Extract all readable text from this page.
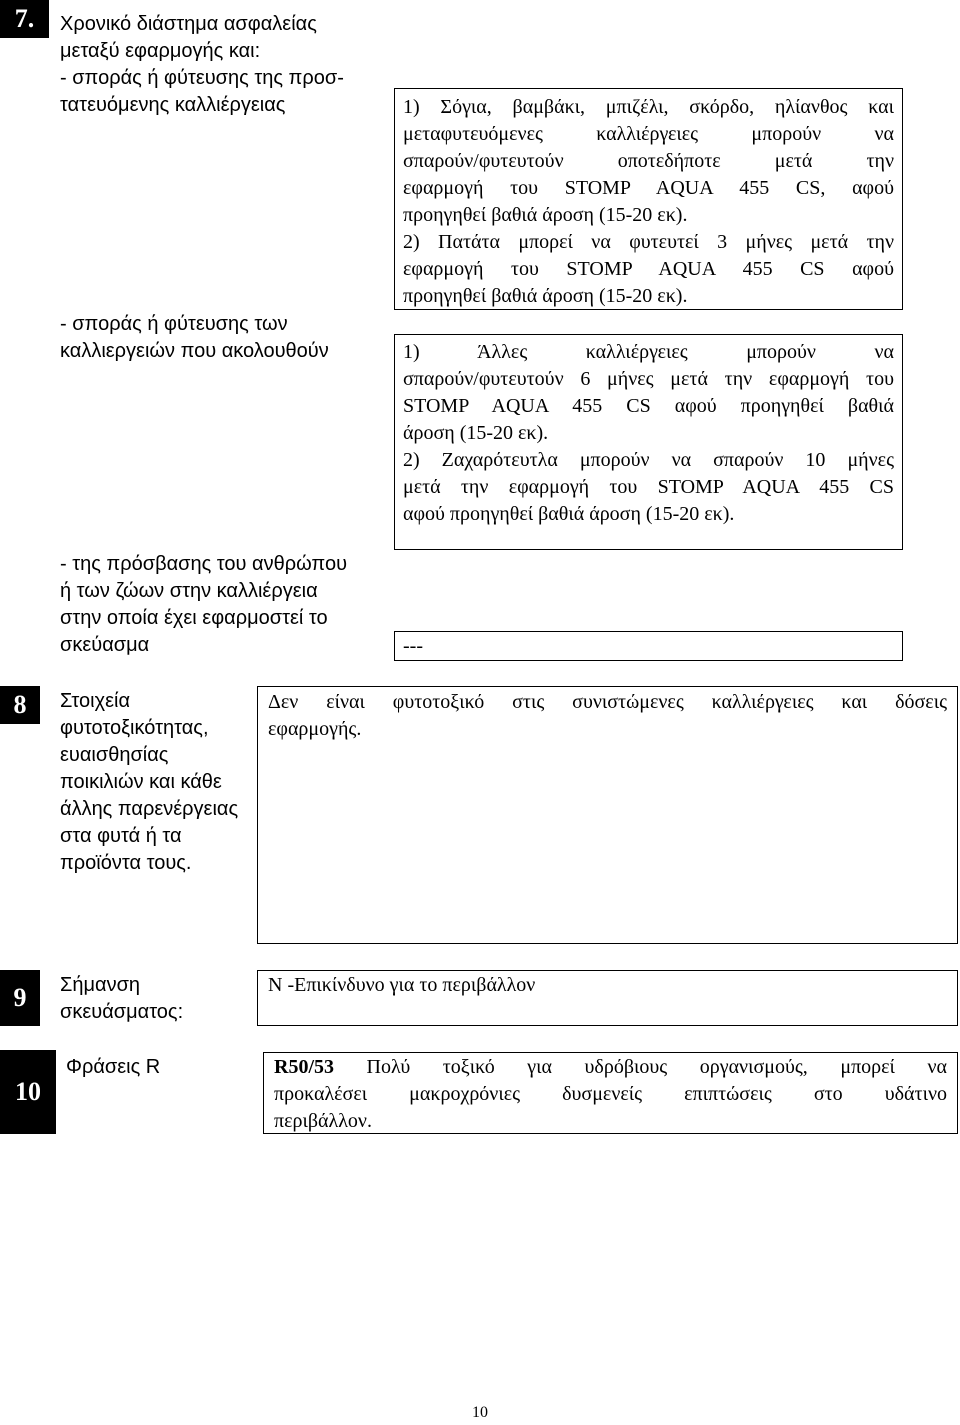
7.	Χρονικό διάστημα ασφαλείας
μεταξύ εφαρμογής και:
- σποράς ή φύτευσης της προσ-
τατευόμενης καλλιέργειας	1) Σόγια, βαμβάκι, μπιζέλι, σκόρδο, ηλίανθος και
μεταφυτευόμενες καλλιέργειες μπορούν να
σπαρούν/φυτευτούν οποτεδήποτε μετά την
εφαρμογή του STOMP AQUA 455 CS, αφού
προηγηθεί βαθιά άροση (15-20 εκ).
2) Πατάτα μπορεί να φυτευτεί 3 μήνες μετά την
εφαρμογή του STOMP AQUA 455 CS αφού
προηγηθεί βαθιά άροση (15-20 εκ).
- σποράς ή φύτευσης των
καλλιεργειών που ακολουθούν	1) Άλλες καλλιέργειες μπορούν να
σπαρούν/φυτευτούν 6 μήνες μετά την εφαρμογή του
STOMP AQUA 455 CS αφού προηγηθεί βαθιά
άροση (15-20 εκ).
2) Ζαχαρότευτλα μπορούν να σπαρούν 10 μήνες
μετά την εφαρμογή του STOMP AQUA 455 CS
αφού προηγηθεί βαθιά άροση (15-20 εκ).
- της πρόσβασης του ανθρώπου
ή των ζώων στην καλλιέργεια
στην οποία έχει εφαρμοστεί το
σκεύασμα	---
8	Στοιχεία
φυτοτοξικότητας,
ευαισθησίας
ποικιλιών και κάθε
άλλης παρενέργειας
στα φυτά ή τα
προϊόντα τους.
Δεν είναι φυτοτοξικό στις συνιστώμενες καλλιέργειες και δόσεις
εφαρμογής.
9	Σήμανση
σκευάσματος:
N -Επικίνδυνο για το περιβάλλον
10
Φράσεις R	R50/53 Πολύ τοξικό για υδρόβιους οργανισμούς, μπορεί να
προκαλέσει μακροχρόνιες δυσμενείς επιπτώσεις στο υδάτινο
περιβάλλον.
10
